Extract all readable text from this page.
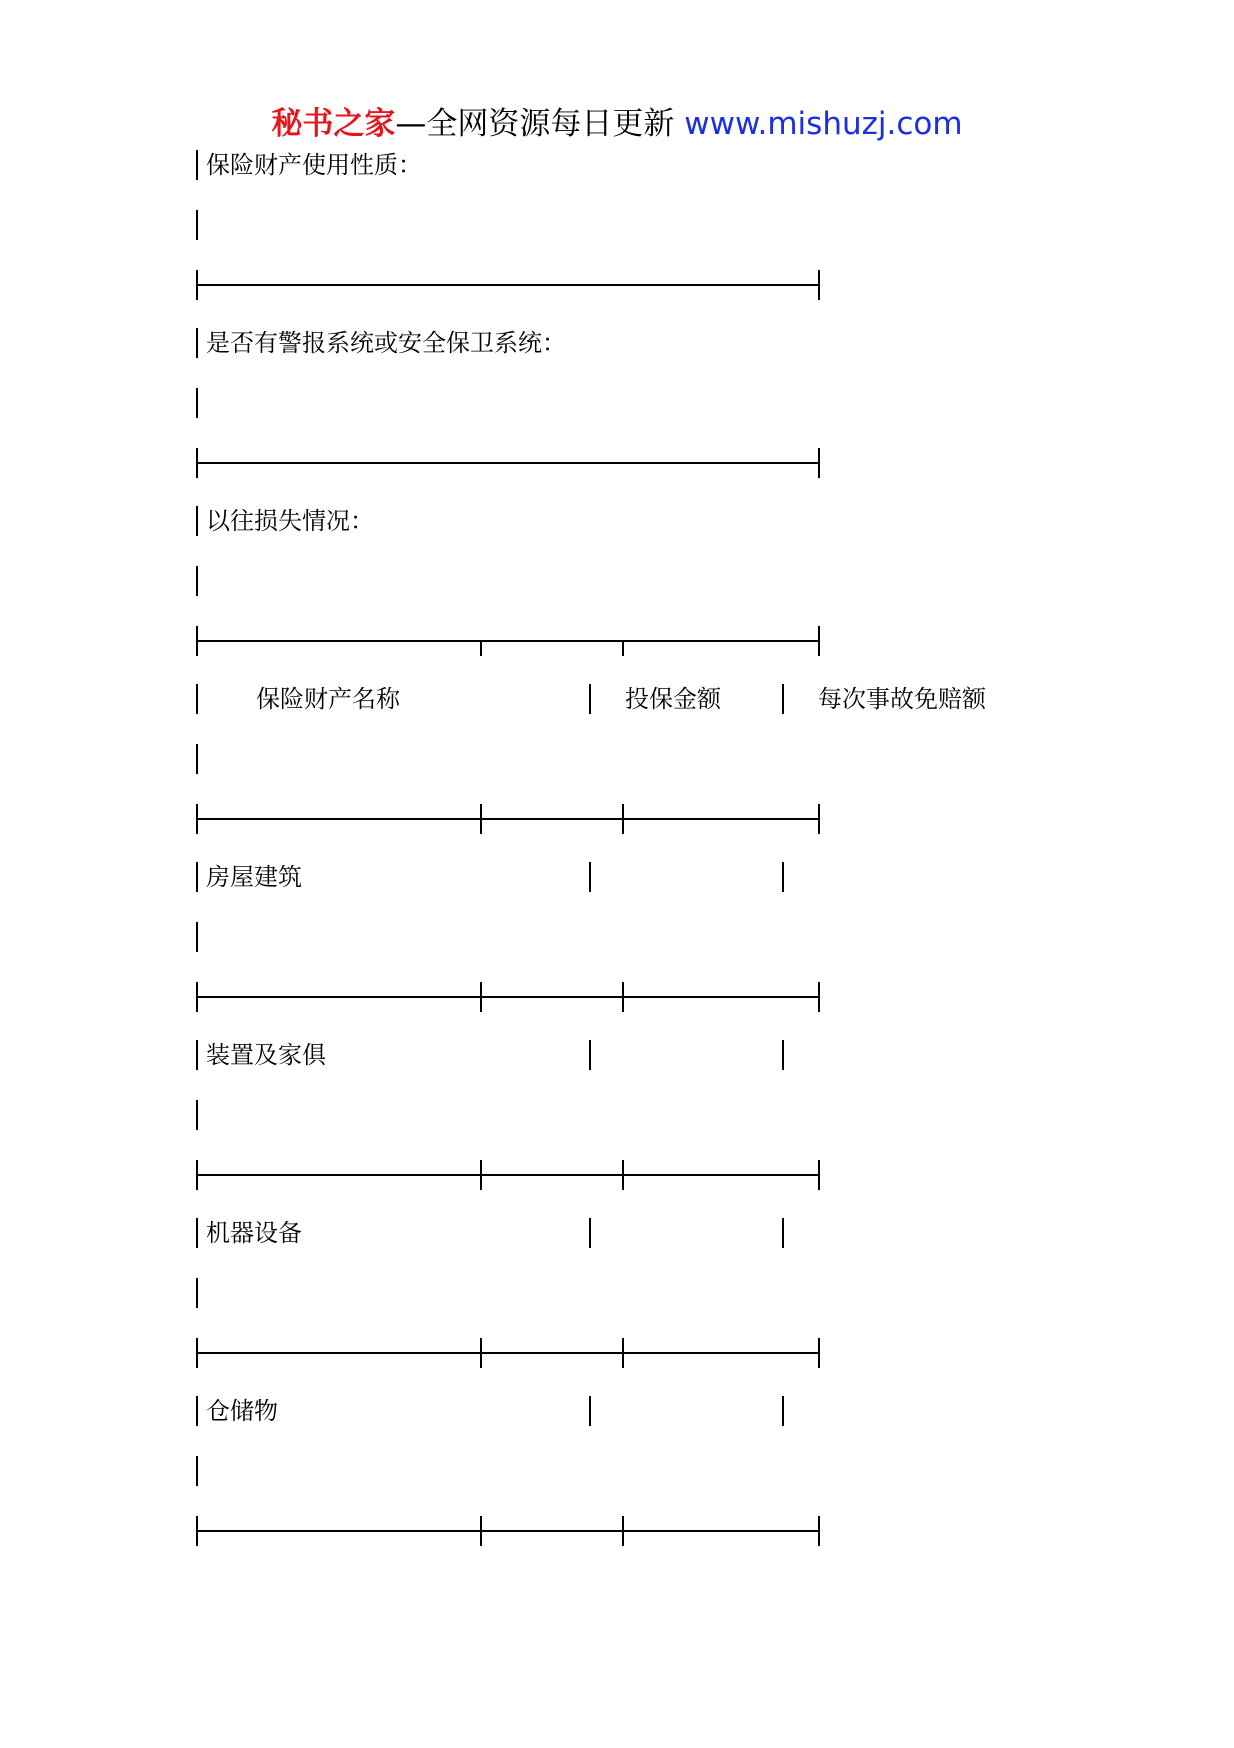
秘书之家—全网资源每日更新 www.mishuzj.com
保险财产使用性质：
是否有警报系统或安全保卫系统：
以往损失情况：
保险财产名称	投保金额	每次事故免赔额
房屋建筑
装置及家俱
机器设备
仓储物
